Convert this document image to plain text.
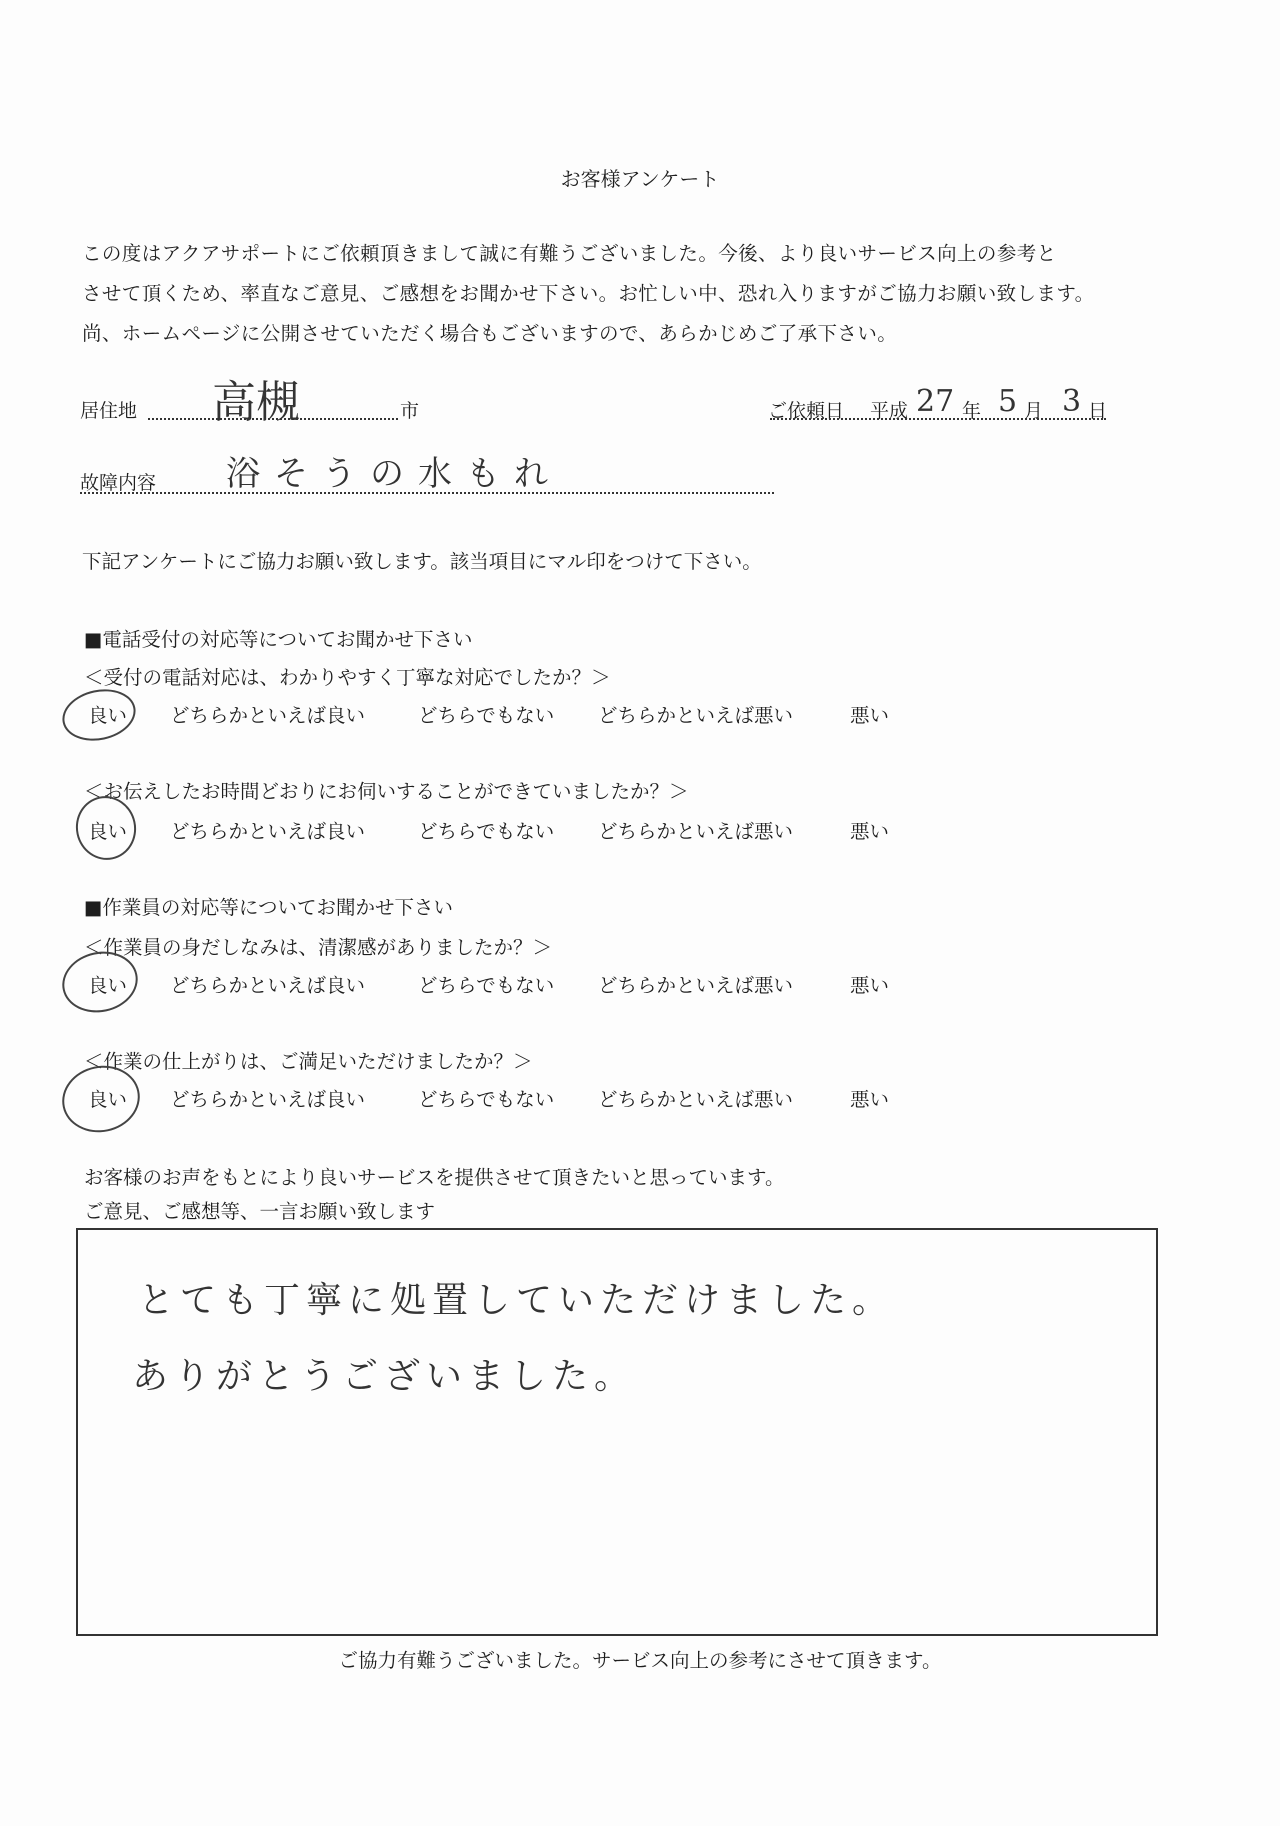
お客様アンケート
この度はアクアサポートにご依頼頂きまして誠に有難うございました。今後、より良いサービス向上の参考と
させて頂くため、率直なご意見、ご感想をお聞かせ下さい。お忙しい中、恐れ入りますがご協力お願い致します。
尚、ホームページに公開させていただく場合もございますので、あらかじめご了承下さい。
居住地 高槻	市	ご依頼日 平成 27 年 5 月 3 日
故障内容 浴そうの水もれ
下記アンケートにご協力お願い致します。該当項目にマル印をつけて下さい。
■電話受付の対応等についてお聞かせ下さい
＜受付の電話対応は、わかりやすく丁寧な対応でしたか？＞
良い どちらかといえば良い	どちらでもない どちらかといえば悪い	悪い
＜お伝えしたお時間どおりにお伺いすることができていましたか？＞
良い どちらかといえば良い	どちらでもない どちらかといえば悪い	悪い
■作業員の対応等についてお聞かせ下さい
＜作業員の身だしなみは、清潔感がありましたか？＞
良い どちらかといえば良い	どちらでもない どちらかといえば悪い	悪い
＜作業の仕上がりは、ご満足いただけましたか？＞
良い どちらかといえば良い	どちらでもない どちらかといえば悪い	悪い
お客様のお声をもとにより良いサービスを提供させて頂きたいと思っています。
ご意見、ご感想等、一言お願い致します
とても丁寧に処置していただけました。
ありがとうございました。
ご協力有難うございました。サービス向上の参考にさせて頂きます。
